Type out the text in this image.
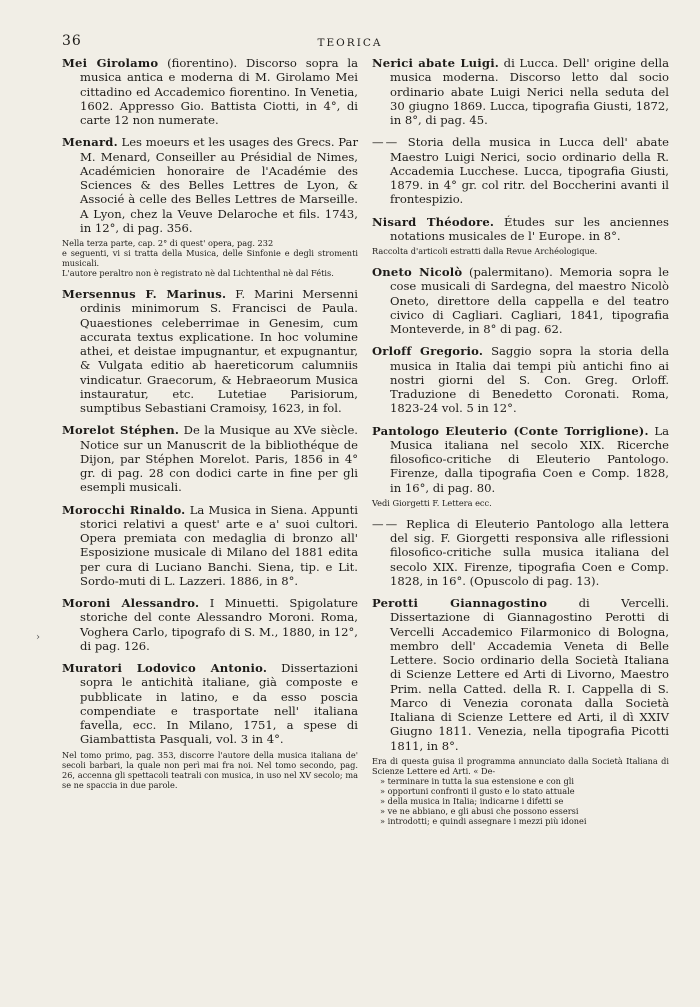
36	TEORICA
›

Mei Girolamo (fiorentino). Discorso sopra la musica antica e moderna di M. Girolamo Mei cittadino ed Accademico fiorentino. In Venetia, 1602. Appresso Gio. Battista Ciotti, in 4°, di carte 12 non numerate.

Menard. Les moeurs et les usages des Grecs. Par M. Menard, Conseiller au Présidial de Nimes, Académicien honoraire de l'Académie des Sciences & des Belles Lettres de Lyon, & Associé à celle des Belles Lettres de Marseille. A Lyon, chez la Veuve Delaroche et fils. 1743, in 12°, di pag. 356.

Nella terza parte, cap. 2° di quest' opera, pag. 232
e seguenti, vi si tratta della Musica, delle Sinfonie e degli stromenti musicali.
L'autore peraltro non è registrato nè dal Lichtenthal nè dal Fétis.

Mersennus F. Marinus. F. Marini Mersenni ordinis minimorum S. Francisci de Paula. Quaestiones celeberrimae in Genesim, cum accurata textus explicatione. In hoc volumine athei, et deistae impugnantur, et expugnantur, & Vulgata editio ab haereticorum calumniis vindicatur. Graecorum, & Hebraeorum Musica instauratur, etc. Lutetiae Parisiorum, sumptibus Sebastiani Cramoisy, 1623, in fol.

Morelot Stéphen. De la Musique au XVe siècle. Notice sur un Manuscrit de la bibliothéque de Dijon, par Stéphen Morelot. Paris, 1856 in 4° gr. di pag. 28 con dodici carte in fine per gli esempli musicali.

Morocchi Rinaldo. La Musica in Siena. Appunti storici relativi a quest' arte e a' suoi cultori. Opera premiata con medaglia di bronzo all' Esposizione musicale di Milano del 1881 edita per cura di Luciano Banchi. Siena, tip. e Lit. Sordo-muti di L. Lazzeri. 1886, in 8°.

Moroni Alessandro. I Minuetti. Spigolature storiche del conte Alessandro Moroni. Roma, Voghera Carlo, tipografo di S. M., 1880, in 12°, di pag. 126.

Muratori Lodovico Antonio. Dissertazioni sopra le antichità italiane, già composte e pubblicate in latino, e da esso poscia compendiate e trasportate nell' italiana favella, ecc. In Milano, 1751, a spese di Giambattista Pasquali, vol. 3 in 4°.

Nel tomo primo, pag. 353, discorre l'autore della musica italiana de' secoli barbari, la quale non perì mai fra noi. Nel tomo secondo, pag. 26, accenna gli spettacoli teatrali con musica, in uso nel XV secolo; ma se ne spaccia in due parole.

Nerici abate Luigi. di Lucca. Dell' origine della musica moderna. Discorso letto dal socio ordinario abate Luigi Nerici nella seduta del 30 giugno 1869. Lucca, tipografia Giusti, 1872, in 8°, di pag. 45.

—— Storia della musica in Lucca dell' abate Maestro Luigi Nerici, socio ordinario della R. Accademia Lucchese. Lucca, tipografia Giusti, 1879. in 4° gr. col ritr. del Boccherini avanti il frontespizio.

Nisard Théodore. Études sur les anciennes notations musicales de l' Europe. in 8°.

Raccolta d'articoli estratti dalla Revue Archéologique.

Oneto Nicolò (palermitano). Memoria sopra le cose musicali di Sardegna, del maestro Nicolò Oneto, direttore della cappella e del teatro civico di Cagliari. Cagliari, 1841, tipografia Monteverde, in 8° di pag. 62.

Orloff Gregorio. Saggio sopra la storia della musica in Italia dai tempi più antichi fino ai nostri giorni del S. Con. Greg. Orloff. Traduzione di Benedetto Coronati. Roma, 1823-24 vol. 5 in 12°.

Pantologo Eleuterio (Conte Torriglione). La Musica italiana nel secolo XIX. Ricerche filosofico-critiche di Eleuterio Pantologo. Firenze, dalla tipografia Coen e Comp. 1828, in 16°, di pag. 80.

Vedi Giorgetti F. Lettera ecc.

—— Replica di Eleuterio Pantologo alla lettera del sig. F. Giorgetti responsiva alle riflessioni filosofico-critiche sulla musica italiana del secolo XIX. Firenze, tipografia Coen e Comp. 1828, in 16°. (Opuscolo di pag. 13).

Perotti Giannagostino di Vercelli. Dissertazione di Giannagostino Perotti di Vercelli Accademico Filarmonico di Bologna, membro dell' Accademia Veneta di Belle Lettere. Socio ordinario della Società Italiana di Scienze Lettere ed Arti di Livorno, Maestro Prim. nella Catted. della R. I. Cappella di S. Marco di Venezia coronata dalla Società Italiana di Scienze Lettere ed Arti, il dì XXIV Giugno 1811. Venezia, nella tipografia Picotti 1811, in 8°.

Era di questa guisa il programma annunciato dalla Società Italiana di Scienze Lettere ed Arti. « De-
» terminare in tutta la sua estensione e con gli
» opportuni confronti il gusto e lo stato attuale
» della musica in Italia; indicarne i difetti se
» ve ne abbiano, e gli abusi che possono essersi
» introdotti; e quindi assegnare i mezzi più idonei
